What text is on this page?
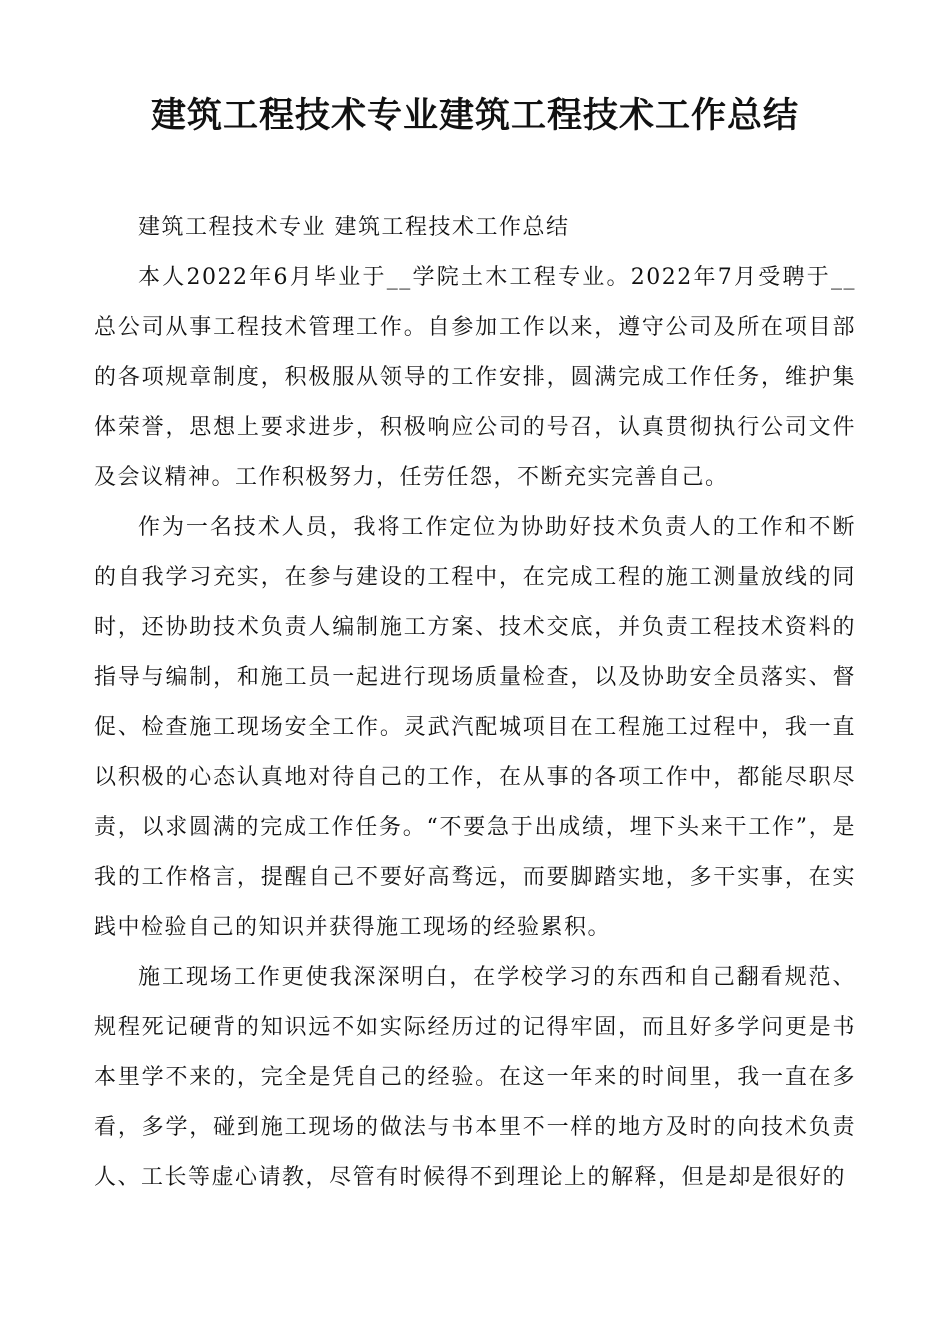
建筑工程技术专业建筑工程技术工作总结

建筑工程技术专业 建筑工程技术工作总结

本人2022年6月毕业于__学院土木工程专业。2022年7月受聘于__总公司从事工程技术管理工作。自参加工作以来，遵守公司及所在项目部的各项规章制度，积极服从领导的工作安排，圆满完成工作任务，维护集体荣誉，思想上要求进步，积极响应公司的号召，认真贯彻执行公司文件及会议精神。工作积极努力，任劳任怨，不断充实完善自己。

作为一名技术人员，我将工作定位为协助好技术负责人的工作和不断的自我学习充实，在参与建设的工程中，在完成工程的施工测量放线的同时，还协助技术负责人编制施工方案、技术交底，并负责工程技术资料的指导与编制，和施工员一起进行现场质量检查，以及协助安全员落实、督促、检查施工现场安全工作。灵武汽配城项目在工程施工过程中，我一直以积极的心态认真地对待自己的工作，在从事的各项工作中，都能尽职尽责，以求圆满的完成工作任务。“不要急于出成绩，埋下头来干工作”，是我的工作格言，提醒自己不要好高骛远，而要脚踏实地，多干实事，在实践中检验自己的知识并获得施工现场的经验累积。

施工现场工作更使我深深明白，在学校学习的东西和自己翻看规范、规程死记硬背的知识远不如实际经历过的记得牢固，而且好多学问更是书本里学不来的，完全是凭自己的经验。在这一年来的时间里，我一直在多看，多学，碰到施工现场的做法与书本里不一样的地方及时的向技术负责人、工长等虚心请教，尽管有时候得不到理论上的解释，但是却是很好的
